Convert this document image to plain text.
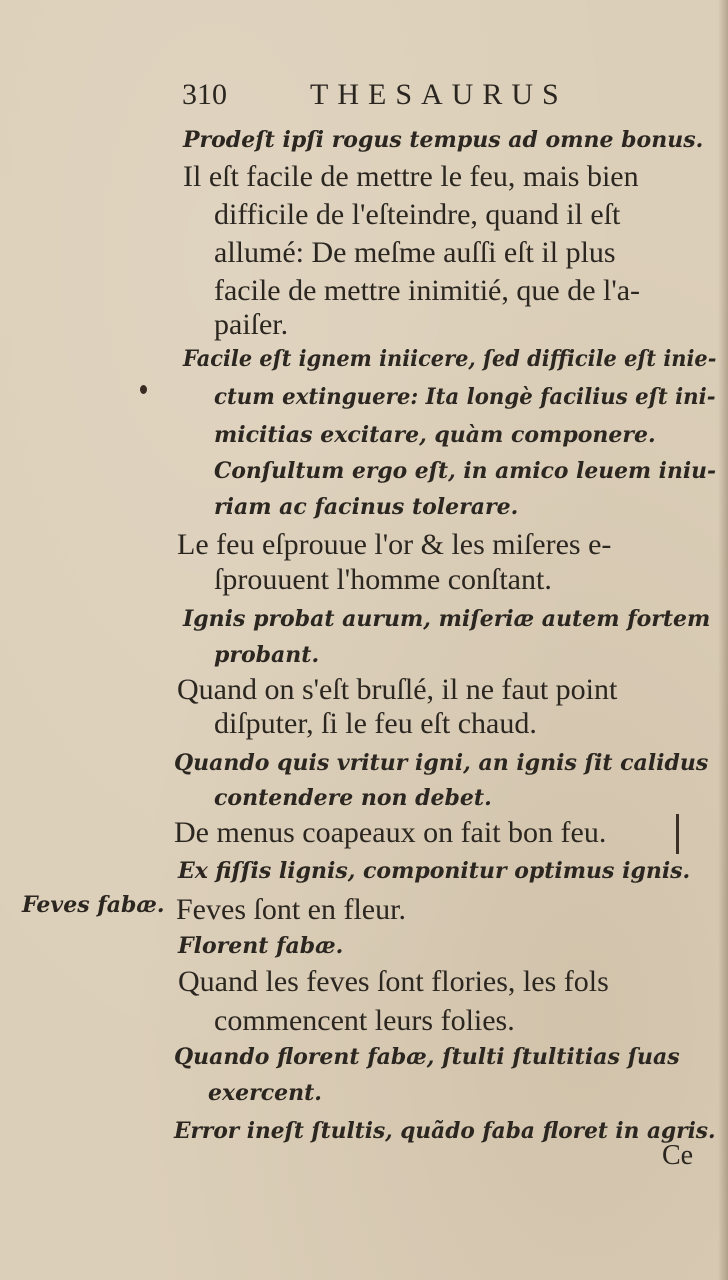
310	THESAURUS
Feves fabæ.
Prodeſt ipſi rogus tempus ad omne bonus.
Il eſt facile de mettre le feu, mais bien
difficile de l'eſteindre, quand il eſt
allumé: De meſme auſſi eſt il plus
facile de mettre inimitié, que de l'a-
paiſer.
Facile eſt ignem iniicere, ſed difficile eſt inie-
ctum extinguere: Ita longè facilius eſt ini-
micitias excitare, quàm componere.
Conſultum ergo eſt, in amico leuem iniu-
riam ac facinus tolerare.
Le feu eſprouue l'or & les miſeres e-
ſprouuent l'homme conſtant.
Ignis probat aurum, miſeriæ autem fortem
probant.
Quand on s'eſt bruſlé, il ne faut point
diſputer, ſi le feu eſt chaud.
Quando quis vritur igni, an ignis ſit calidus
contendere non debet.
De menus coapeaux on fait bon feu.
Ex fiſſis lignis, componitur optimus ignis.
Feves ſont en fleur.
Florent fabæ.
Quand les feves ſont flories, les fols
commencent leurs folies.
Quando florent fabæ, ſtulti ſtultitias ſuas
exercent.
Error ineſt ſtultis, quãdo faba floret in agris.
Ce
